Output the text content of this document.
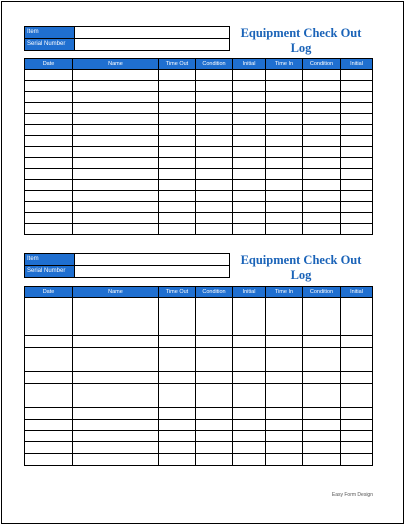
Item	
Serial Number	
Equipment Check Out Log
Date	Name	Time Out	Condition	Initial	Time In	Condition	Initial

Item	
Serial Number	
Equipment Check Out Log
Date	Name	Time Out	Condition	Initial	Time In	Condition	Initial

Easy Form Design
